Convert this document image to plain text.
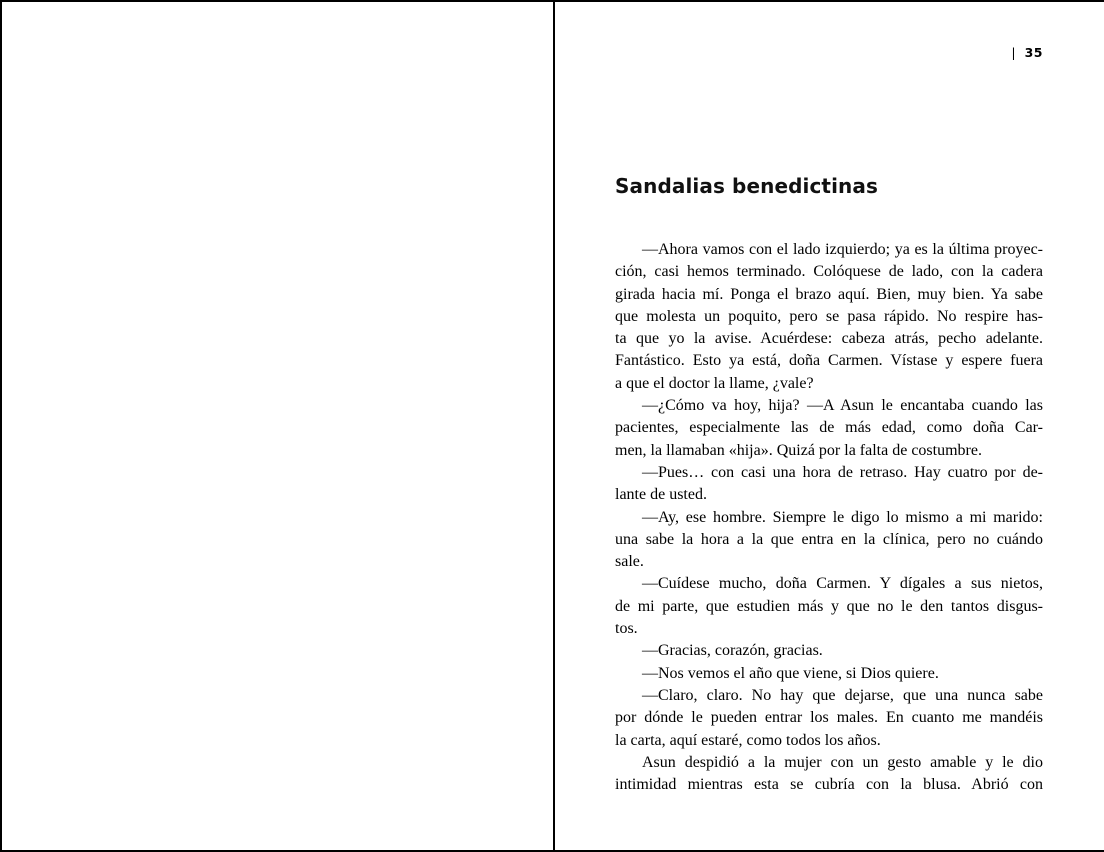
| 35
Sandalias benedictinas
—Ahora vamos con el lado izquierdo; ya es la última proyec-
ción, casi hemos terminado. Colóquese de lado, con la cadera
girada hacia mí. Ponga el brazo aquí. Bien, muy bien. Ya sabe
que molesta un poquito, pero se pasa rápido. No respire has-
ta que yo la avise. Acuérdese: cabeza atrás, pecho adelante.
Fantástico. Esto ya está, doña Carmen. Vístase y espere fuera
a que el doctor la llame, ¿vale?
—¿Cómo va hoy, hija? —A Asun le encantaba cuando las
pacientes, especialmente las de más edad, como doña Car-
men, la llamaban «hija». Quizá por la falta de costumbre.
—Pues… con casi una hora de retraso. Hay cuatro por de-
lante de usted.
—Ay, ese hombre. Siempre le digo lo mismo a mi marido:
una sabe la hora a la que entra en la clínica, pero no cuándo
sale.
—Cuídese mucho, doña Carmen. Y dígales a sus nietos,
de mi parte, que estudien más y que no le den tantos disgus-
tos.
—Gracias, corazón, gracias.
—Nos vemos el año que viene, si Dios quiere.
—Claro, claro. No hay que dejarse, que una nunca sabe
por dónde le pueden entrar los males. En cuanto me mandéis
la carta, aquí estaré, como todos los años.
Asun despidió a la mujer con un gesto amable y le dio
intimidad mientras esta se cubría con la blusa. Abrió con
